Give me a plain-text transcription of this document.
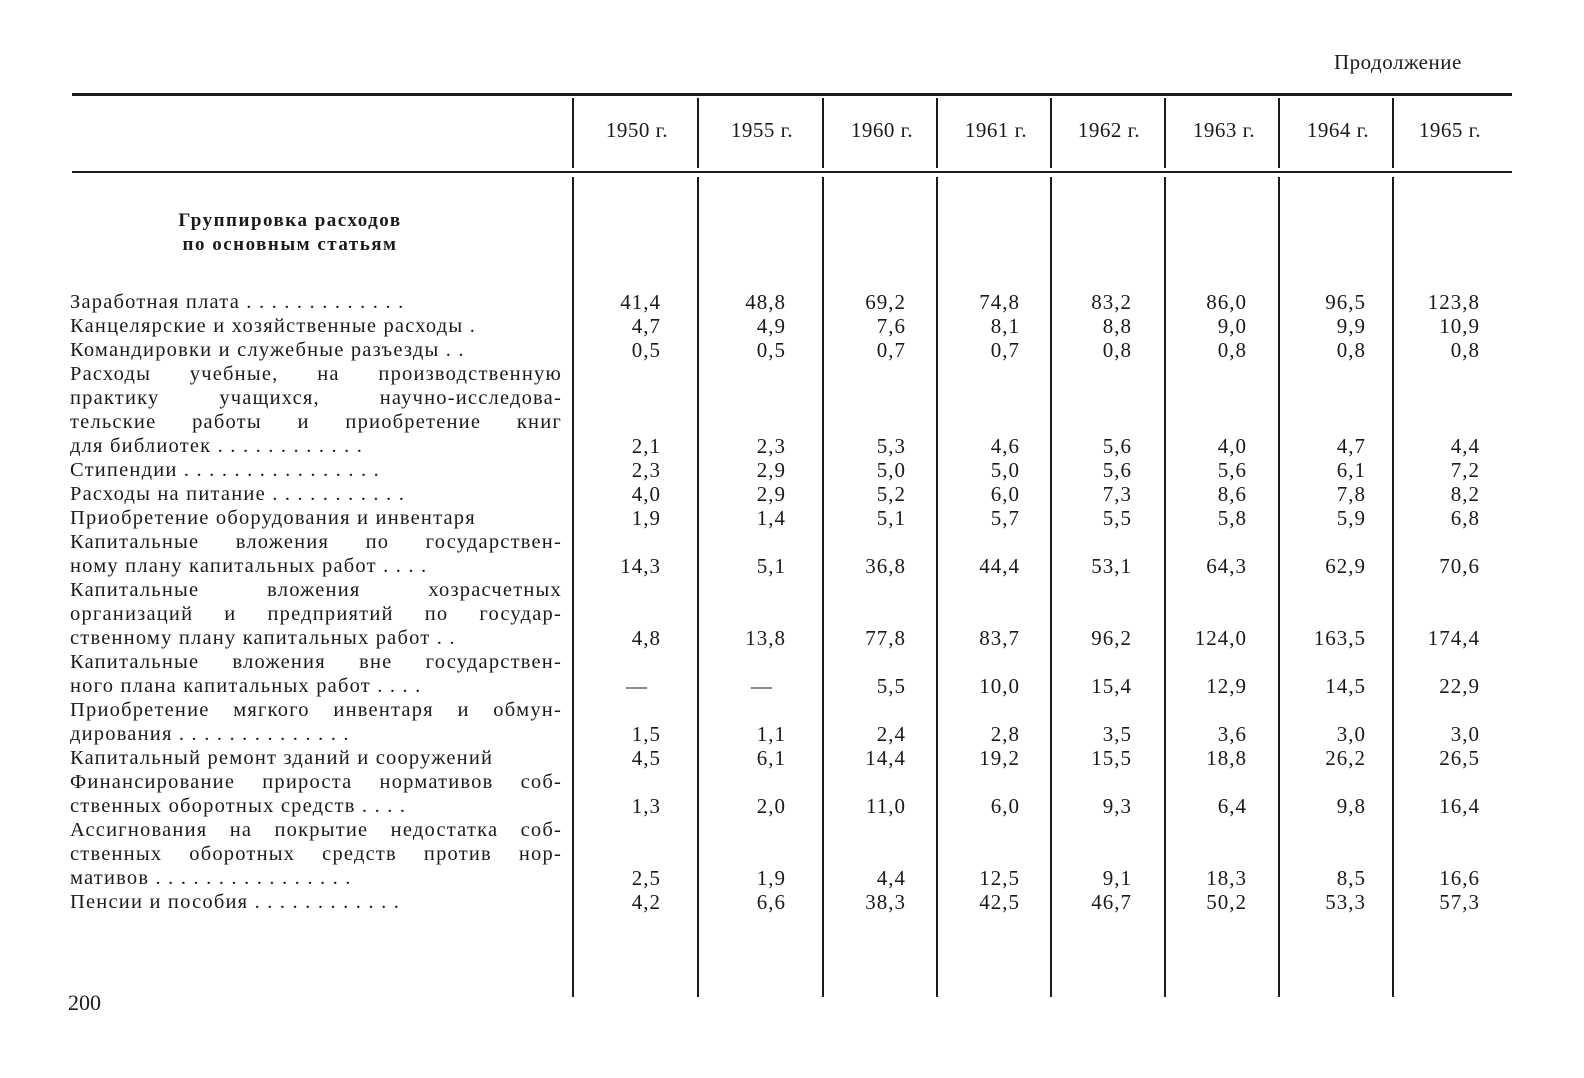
Продолжение
1950 г.	1955 г.	1960 г.	1961 г.	1962 г.	1963 г.	1964 г.	1965 г.
Заработная плата . . . . . . . . . . . . .	41,4	48,8	69,2	74,8	83,2	86,0	96,5	123,8
Канцелярские и хозяйственные расходы .	4,7	4,9	7,6	8,1	8,8	9,0	9,9	10,9
Командировки и служебные разъезды . .	0,5	0,5	0,7	0,7	0,8	0,8	0,8	0,8
Расходы учебные, на производственную
практику учащихся, научно-исследова-
тельские работы и приобретение книг
для библиотек . . . . . . . . . . . .	2,1	2,3	5,3	4,6	5,6	4,0	4,7	4,4
Стипендии . . . . . . . . . . . . . . . .	2,3	2,9	5,0	5,0	5,6	5,6	6,1	7,2
Расходы на питание . . . . . . . . . . .	4,0	2,9	5,2	6,0	7,3	8,6	7,8	8,2
Приобретение оборудования и инвентаря	1,9	1,4	5,1	5,7	5,5	5,8	5,9	6,8
Капитальные вложения по государствен-
ному плану капитальных работ . . . .	14,3	5,1	36,8	44,4	53,1	64,3	62,9	70,6
Капитальные вложения хозрасчетных
организаций и предприятий по государ-
ственному плану капитальных работ . .	4,8	13,8	77,8	83,7	96,2	124,0	163,5	174,4
Капитальные вложения вне государствен-
ного плана капитальных работ . . . .	—	—	5,5	10,0	15,4	12,9	14,5	22,9
Приобретение мягкого инвентаря и обмун-
дирования . . . . . . . . . . . . . .	1,5	1,1	2,4	2,8	3,5	3,6	3,0	3,0
Капитальный ремонт зданий и сооружений	4,5	6,1	14,4	19,2	15,5	18,8	26,2	26,5
Финансирование прироста нормативов соб-
ственных оборотных средств . . . .	1,3	2,0	11,0	6,0	9,3	6,4	9,8	16,4
Ассигнования на покрытие недостатка соб-
ственных оборотных средств против нор-
мативов . . . . . . . . . . . . . . . .	2,5	1,9	4,4	12,5	9,1	18,3	8,5	16,6
Пенсии и пособия . . . . . . . . . . . .	4,2	6,6	38,3	42,5	46,7	50,2	53,3	57,3
Группировка расходов
по основным статьям
200
